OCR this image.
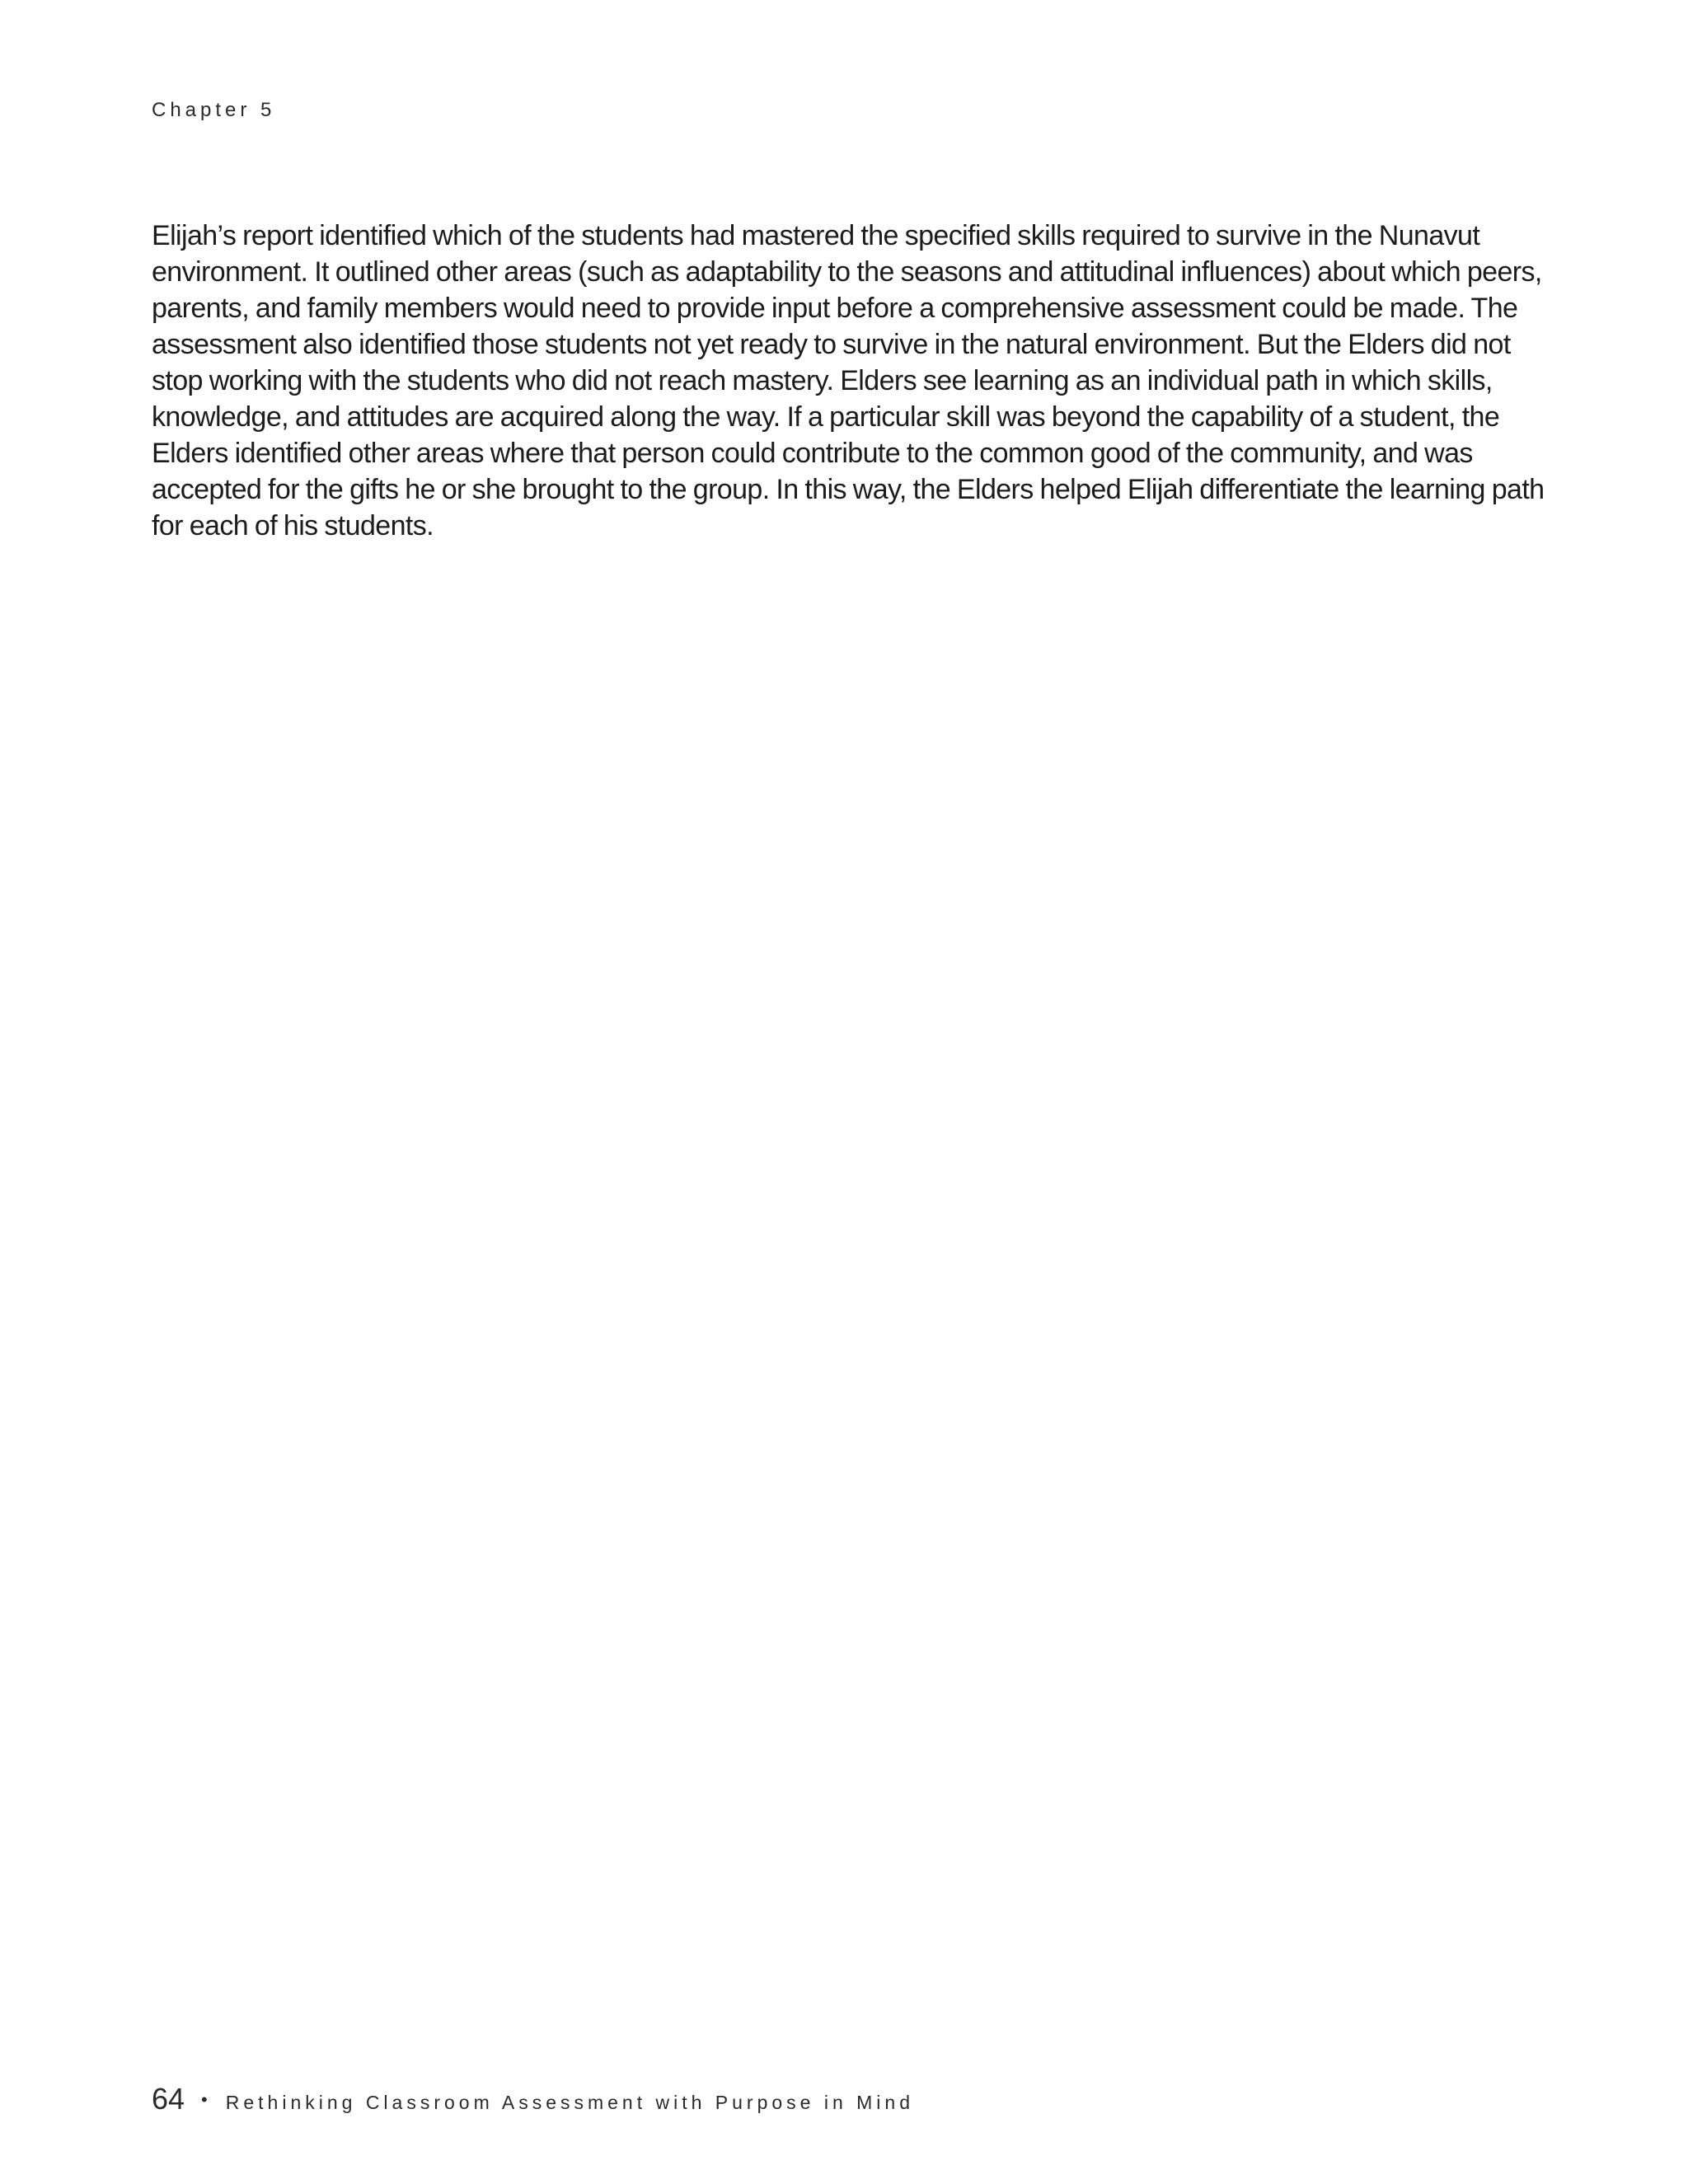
Chapter 5

Elijah’s report identified which of the students had mastered the specified skills required to survive in the Nunavut environment. It outlined other areas (such as adaptability to the seasons and attitudinal influences) about which peers, parents, and family members would need to provide input before a comprehensive assessment could be made. The assessment also identified those students not yet ready to survive in the natural environment. But the Elders did not stop working with the students who did not reach mastery. Elders see learning as an individual path in which skills, knowledge, and attitudes are acquired along the way. If a particular skill was beyond the capability of a student, the Elders identified other areas where that person could contribute to the common good of the community, and was accepted for the gifts he or she brought to the group. In this way, the Elders helped Elijah differentiate the learning path for each of his students.

64 • Rethinking Classroom Assessment with Purpose in Mind
